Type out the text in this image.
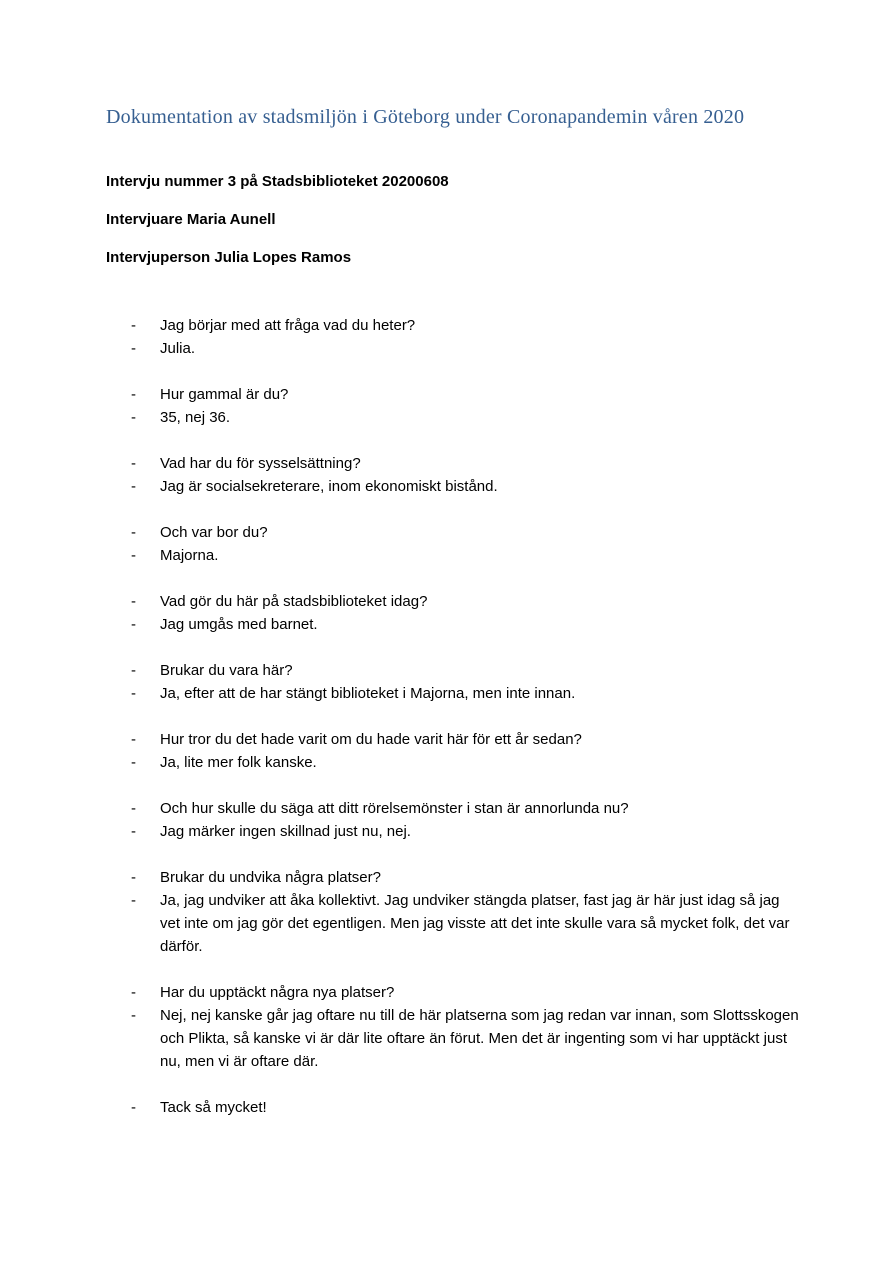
Dokumentation av stadsmiljön i Göteborg under Coronapandemin våren 2020

Intervju nummer 3 på Stadsbiblioteket 20200608

Intervjuare Maria Aunell

Intervjuperson Julia Lopes Ramos

-	Jag börjar med att fråga vad du heter?
-	Julia.
-	Hur gammal är du?
-	35, nej 36.
-	Vad har du för sysselsättning?
-	Jag är socialsekreterare, inom ekonomiskt bistånd.
-	Och var bor du?
-	Majorna.
-	Vad gör du här på stadsbiblioteket idag?
-	Jag umgås med barnet.
-	Brukar du vara här?
-	Ja, efter att de har stängt biblioteket i Majorna, men inte innan.
-	Hur tror du det hade varit om du hade varit här för ett år sedan?
-	Ja, lite mer folk kanske.
-	Och hur skulle du säga att ditt rörelsemönster i stan är annorlunda nu?
-	Jag märker ingen skillnad just nu, nej.
-	Brukar du undvika några platser?
-	Ja, jag undviker att åka kollektivt. Jag undviker stängda platser, fast jag är här just idag så jag vet inte om jag gör det egentligen. Men jag visste att det inte skulle vara så mycket folk, det var därför.
-	Har du upptäckt några nya platser?
-	Nej, nej kanske går jag oftare nu till de här platserna som jag redan var innan, som Slottsskogen och Plikta, så kanske vi är där lite oftare än förut. Men det är ingenting som vi har upptäckt just nu, men vi är oftare där.
-	Tack så mycket!
